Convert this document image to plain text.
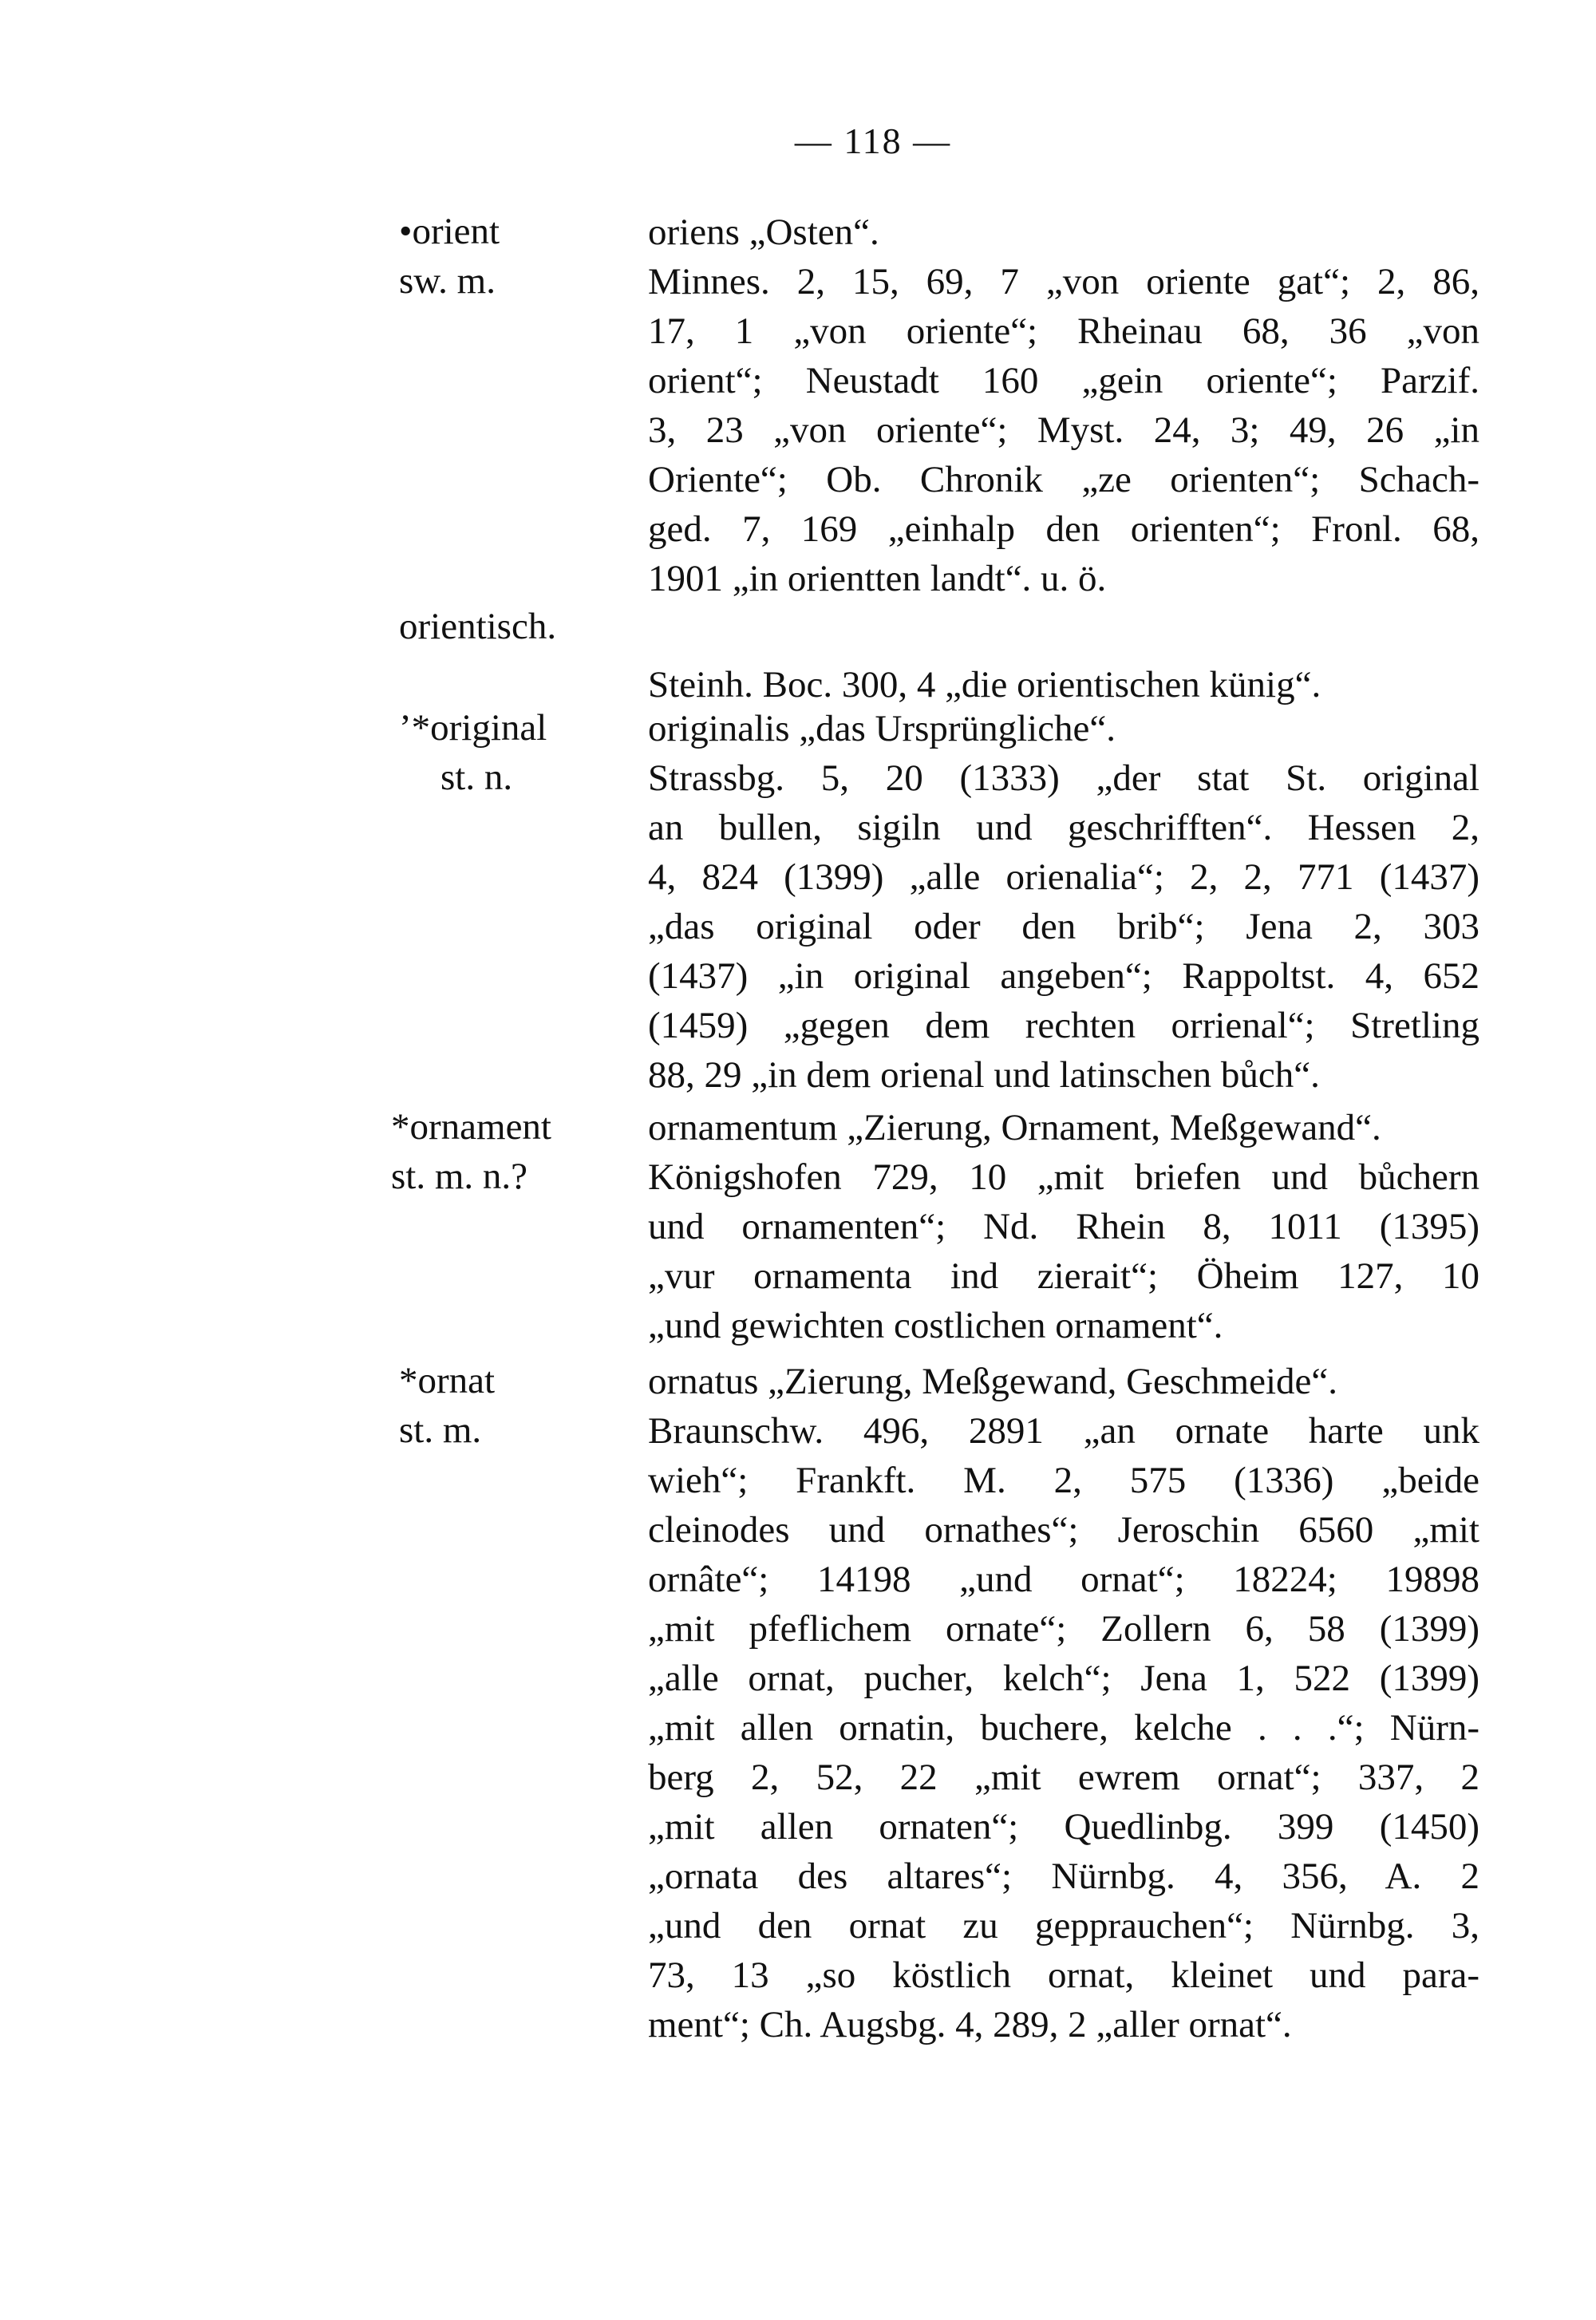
— 118 —
•orient
sw. m.
oriens „Osten“.
Minnes. 2, 15, 69, 7 „von oriente gat“; 2, 86,
17, 1 „von oriente“; Rheinau 68, 36 „von
orient“; Neustadt 160 „gein oriente“; Parzif.
3, 23 „von oriente“; Myst. 24, 3; 49, 26 „in
Oriente“; Ob. Chronik „ze orienten“; Schach-
ged. 7, 169 „einhalp den orienten“; Fronl. 68,
1901 „in orientten landt“. u. ö.
orientisch.
Steinh. Boc. 300, 4 „die orientischen künig“.
’*original
st. n.
originalis „das Ursprüngliche“.
Strassbg. 5, 20 (1333) „der stat St. original
an bullen, sigiln und geschrifften“. Hessen 2,
4, 824 (1399) „alle orienalia“; 2, 2, 771 (1437)
„das original oder den brib“; Jena 2, 303
(1437) „in original angeben“; Rappoltst. 4, 652
(1459) „gegen dem rechten orrienal“; Stretling
88, 29 „in dem orienal und latinschen bůch“.
*ornament
st. m. n.?
ornamentum „Zierung, Ornament, Meßgewand“.
Königshofen 729, 10 „mit briefen und bůchern
und ornamenten“; Nd. Rhein 8, 1011 (1395)
„vur ornamenta ind zierait“; Öheim 127, 10
„und gewichten costlichen ornament“.
*ornat
st. m.
ornatus „Zierung, Meßgewand, Geschmeide“.
Braunschw. 496, 2891 „an ornate harte unk
wieh“; Frankft. M. 2, 575 (1336) „beide
cleinodes und ornathes“; Jeroschin 6560 „mit
ornâte“; 14198 „und ornat“; 18224; 19898
„mit pfeflichem ornate“; Zollern 6, 58 (1399)
„alle ornat, pucher, kelch“; Jena 1, 522 (1399)
„mit allen ornatin, buchere, kelche . . .“; Nürn-
berg 2, 52, 22 „mit ewrem ornat“; 337, 2
„mit allen ornaten“; Quedlinbg. 399 (1450)
„ornata des altares“; Nürnbg. 4, 356, A. 2
„und den ornat zu gepprauchen“; Nürnbg. 3,
73, 13 „so köstlich ornat, kleinet und para-
ment“; Ch. Augsbg. 4, 289, 2 „aller ornat“.
